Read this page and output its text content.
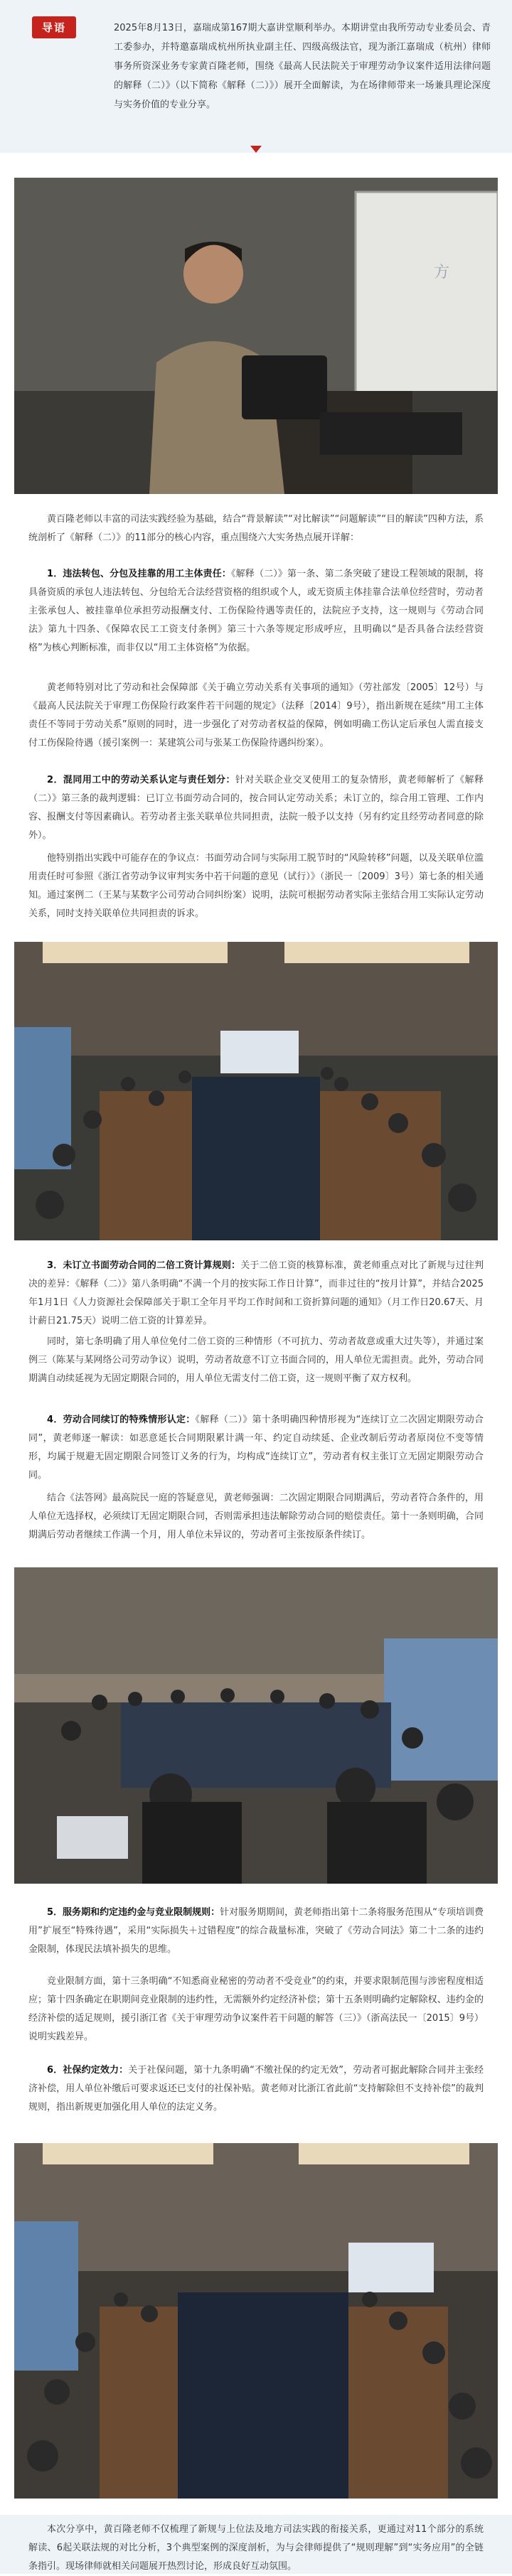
导语	2025年8月13日，嘉瑞成第167期大嘉讲堂顺利举办。本期讲堂由我所劳动专业委员会、青工委参办，并特邀嘉瑞成杭州所执业副主任、四级高级法官，现为浙江嘉瑞成（杭州）律师事务所资深业务专家黄百隆老师，围绕《最高人民法院关于审理劳动争议案件适用法律问题的解释（二）》（以下简称《解释（二）》）展开全面解读，为在场律师带来一场兼具理论深度与实务价值的专业分享。

方

黄百隆老师以丰富的司法实践经验为基础，结合“背景解读”“对比解读”“问题解读”“目的解读”四种方法，系统剖析了《解释（二）》的11部分的核心内容，重点围绕六大实务热点展开详解：

1．违法转包、分包及挂靠的用工主体责任：《解释（二）》第一条、第二条突破了建设工程领域的限制，将具备资质的承包人违法转包、分包给无合法经营资格的组织或个人，或无资质主体挂靠合法单位经营时，劳动者主张承包人、被挂靠单位承担劳动报酬支付、工伤保险待遇等责任的，法院应予支持，这一规则与《劳动合同法》第九十四条、《保障农民工工资支付条例》第三十六条等规定形成呼应，且明确以“是否具备合法经营资格”为核心判断标准，而非仅以“用工主体资格”为依据。

黄老师特别对比了劳动和社会保障部《关于确立劳动关系有关事项的通知》（劳社部发〔2005〕12号）与《最高人民法院关于审理工伤保险行政案件若干问题的规定》（法释〔2014〕9号），指出新规在延续“用工主体责任不等同于劳动关系”原则的同时，进一步强化了对劳动者权益的保障，例如明确工伤认定后承包人需直接支付工伤保险待遇（援引案例一：某建筑公司与张某工伤保险待遇纠纷案）。

2．混同用工中的劳动关系认定与责任划分：针对关联企业交叉使用工的复杂情形，黄老师解析了《解释（二）》第三条的裁判逻辑：已订立书面劳动合同的，按合同认定劳动关系；未订立的，综合用工管理、工作内容、报酬支付等因素确认。若劳动者主张关联单位共同担责，法院一般予以支持（另有约定且经劳动者同意的除外）。

他特别指出实践中可能存在的争议点：书面劳动合同与实际用工脱节时的“风险转移”问题，以及关联单位滥用责任时可参照《浙江省劳动争议审判实务中若干问题的意见（试行）》（浙民一〔2009〕3号）第七条的相关通知。通过案例二（王某与某数字公司劳动合同纠纷案）说明，法院可根据劳动者实际主张结合用工实际认定劳动关系，同时支持关联单位共同担责的诉求。

3．未订立书面劳动合同的二倍工资计算规则：关于二倍工资的核算标准，黄老师重点对比了新规与过往判决的差异：《解释（二）》第八条明确“不满一个月的按实际工作日计算”，而非过往的“按月计算”，并结合2025年1月1日《人力资源社会保障部关于职工全年月平均工作时间和工资折算问题的通知》（月工作日20.67天、月计薪日21.75天）说明二倍工资的计算差异。

同时，第七条明确了用人单位免付二倍工资的三种情形（不可抗力、劳动者故意或重大过失等），并通过案例三（陈某与某网络公司劳动争议）说明，劳动者故意不订立书面合同的，用人单位无需担责。此外，劳动合同期满自动续延视为无固定期限合同的，用人单位无需支付二倍工资，这一规则平衡了双方权利。

4．劳动合同续订的特殊情形认定：《解释（二）》第十条明确四种情形视为“连续订立二次固定期限劳动合同”，黄老师逐一解读：如恶意延长合同期限累计满一年、约定自动续延、企业改制后劳动者原岗位不变等情形，均属于规避无固定期限合同签订义务的行为，均构成“连续订立”，劳动者有权主张订立无固定期限劳动合同。

结合《法答网》最高院民一庭的答疑意见，黄老师强调：二次固定期限合同期满后，劳动者符合条件的，用人单位无选择权，必须续订无固定期限合同，否则需承担违法解除劳动合同的赔偿责任。第十一条则明确，合同期满后劳动者继续工作满一个月，用人单位未异议的，劳动者可主张按原条件续订。

5．服务期和约定违约金与竞业限制规则：针对服务期期间，黄老师指出第十二条将服务范围从“专项培训费用”扩展至“特殊待遇”，采用“实际损失＋过错程度”的综合裁量标准，突破了《劳动合同法》第二十二条的违约金限制，体现民法填补损失的思维。

竞业限制方面，第十三条明确“不知悉商业秘密的劳动者不受竞业”的约束，并要求限制范围与涉密程度相适应；第十四条确定在职期间竞业限制的违约性，无需额外约定经济补偿；第十五条则明确约定解除权、违约金的经济补偿的适足规则，援引浙江省《关于审理劳动争议案件若干问题的解答（三）》（浙高法民一〔2015〕9号）说明实践差异。

6．社保约定效力：关于社保问题，第十九条明确“不缴社保的约定无效”，劳动者可据此解除合同并主张经济补偿，用人单位补缴后可要求返还已支付的社保补贴。黄老师对比浙江省此前“支持解除但不支持补偿”的裁判规则，指出新规更加强化用人单位的法定义务。

本次分享中，黄百隆老师不仅梳理了新规与上位法及地方司法实践的衔接关系，更通过对11个部分的系统解读、6起关联法规的对比分析，3个典型案例的深度剖析，为与会律师提供了“规则理解”到“实务应用”的全链条指引。现场律师就相关问题展开热烈讨论，形成良好互动氛围。
